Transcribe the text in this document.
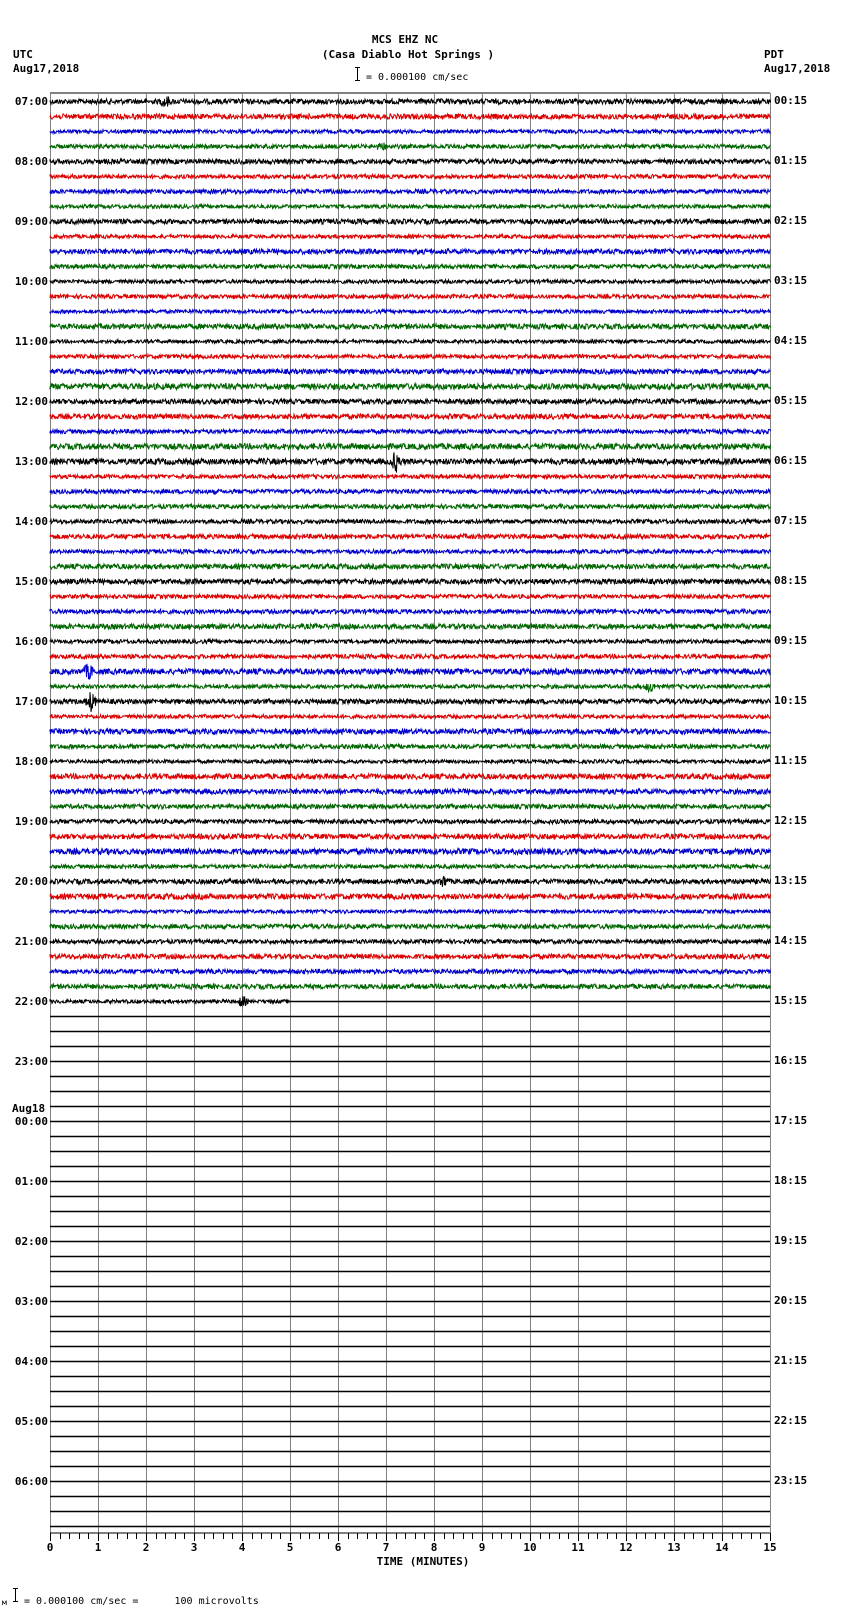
MCS EHZ NC
(Casa Diablo Hot Springs )
UTC
Aug17,2018
PDT
Aug17,2018
= 0.000100 cm/sec
07:00
08:00
09:00
10:00
11:00
12:00
13:00
14:00
15:00
16:00
17:00
18:00
19:00
20:00
21:00
22:00
23:00
Aug18
00:00
01:00
02:00
03:00
04:00
05:00
06:00
00:15
01:15
02:15
03:15
04:15
05:15
06:15
07:15
08:15
09:15
10:15
11:15
12:15
13:15
14:15
15:15
16:15
17:15
18:15
19:15
20:15
21:15
22:15
23:15
0	1	2	3	4	5	6	7	8	9	10	11	12	13	14	15
TIME (MINUTES)
м = 0.000100 cm/sec =      100 microvolts
